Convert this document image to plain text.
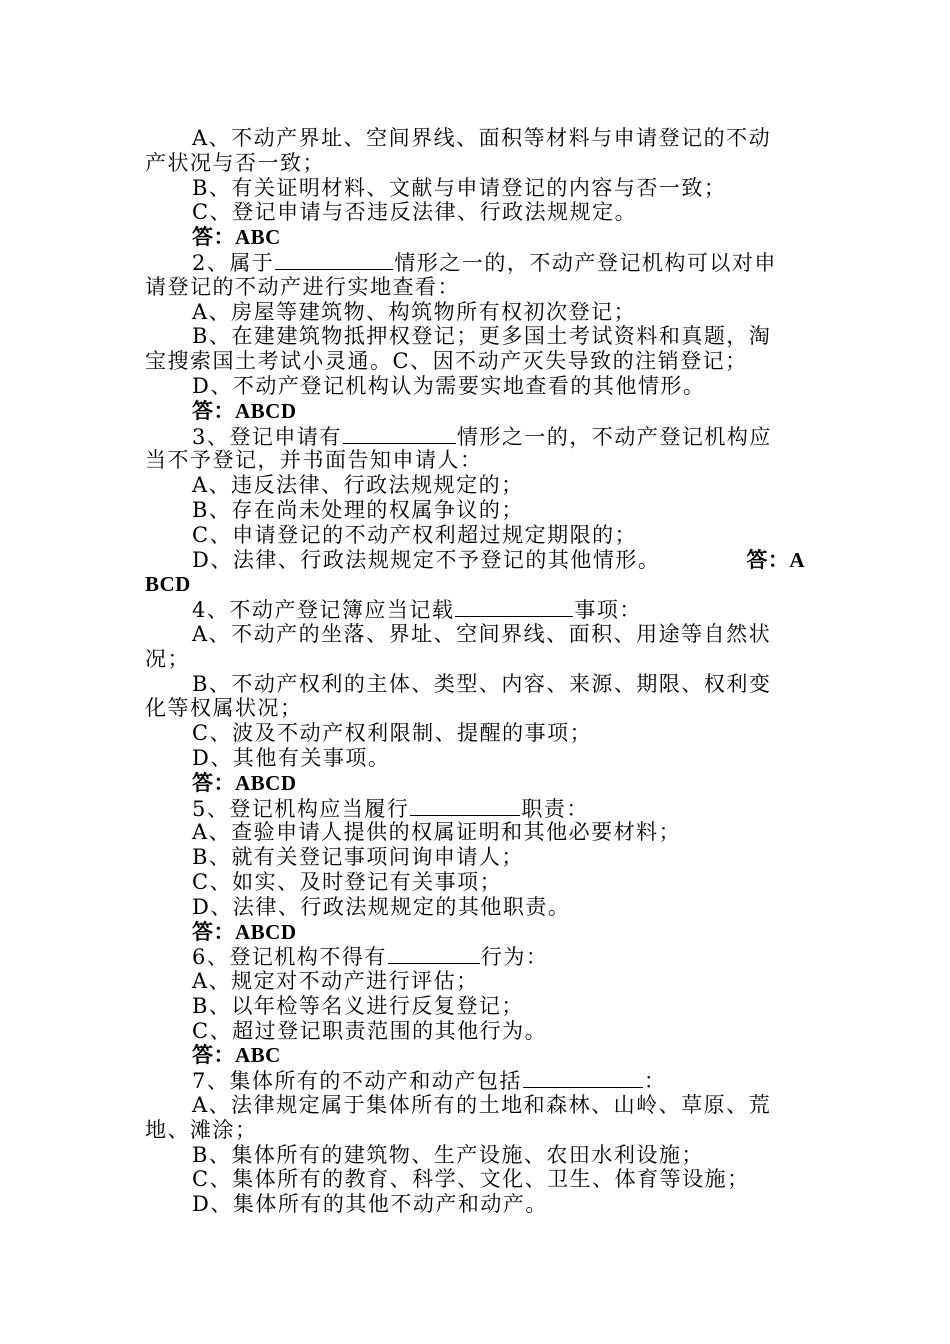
A、不动产界址、空间界线、面积等材料与申请登记的不动
产状况与否一致；
B、有关证明材料、文献与申请登记的内容与否一致；
C、登记申请与否违反法律、行政法规规定。
答：ABC
2、属于	情形之一的，不动产登记机构可以对申
请登记的不动产进行实地查看：
A、房屋等建筑物、构筑物所有权初次登记；
B、在建建筑物抵押权登记；更多国土考试资料和真题，淘
宝搜索国土考试小灵通。C、因不动产灭失导致的注销登记；
D、不动产登记机构认为需要实地查看的其他情形。
答：ABCD
3、登记申请有	情形之一的，不动产登记机构应
当不予登记，并书面告知申请人：
A、违反法律、行政法规规定的；
B、存在尚未处理的权属争议的；
C、申请登记的不动产权利超过规定期限的；
D、法律、行政法规规定不予登记的其他情形。	答：A
BCD
4、不动产登记簿应当记载	事项：
A、不动产的坐落、界址、空间界线、面积、用途等自然状
况；
B、不动产权利的主体、类型、内容、来源、期限、权利变
化等权属状况；
C、波及不动产权利限制、提醒的事项；
D、其他有关事项。
答：ABCD
5、登记机构应当履行	职责：
A、查验申请人提供的权属证明和其他必要材料；
B、就有关登记事项问询申请人；
C、如实、及时登记有关事项；
D、法律、行政法规规定的其他职责。
答：ABCD
6、登记机构不得有	行为：
A、规定对不动产进行评估；
B、以年检等名义进行反复登记；
C、超过登记职责范围的其他行为。
答：ABC
7、集体所有的不动产和动产包括	：
A、法律规定属于集体所有的土地和森林、山岭、草原、荒
地、滩涂；
B、集体所有的建筑物、生产设施、农田水利设施；
C、集体所有的教育、科学、文化、卫生、体育等设施；
D、集体所有的其他不动产和动产。
